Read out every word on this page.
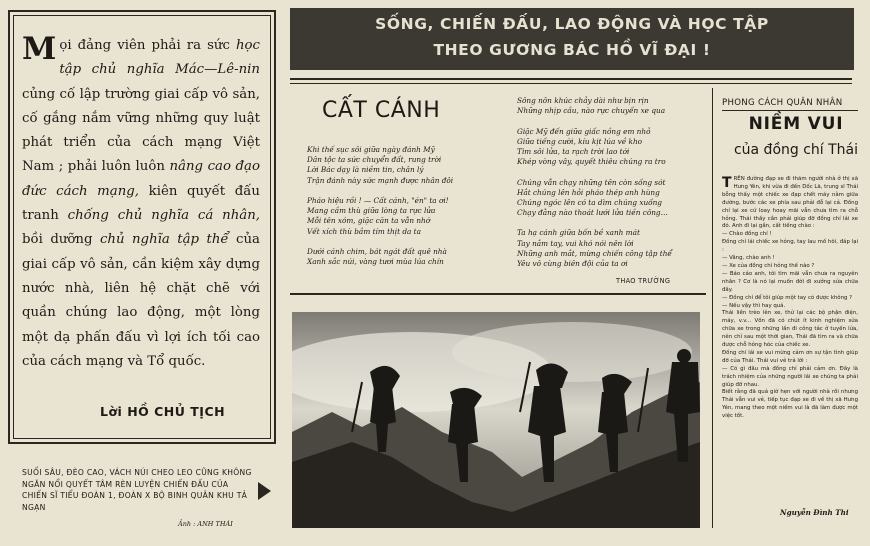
Mọi đảng viên phải ra sức học tập chủ nghĩa Mác—Lê-nin củng cố lập trường giai cấp vô sản, cố gắng nắm vững những quy luật phát triển của cách mạng Việt Nam ; phải luôn luôn nâng cao đạo đức cách mạng, kiên quyết đấu tranh chống chủ nghĩa cá nhân, bồi dưỡng chủ nghĩa tập thể của giai cấp vô sản, cần kiệm xây dựng nước nhà, liên hệ chặt chẽ với quần chúng lao động, một lòng một dạ phấn đấu vì lợi ích tối cao của cách mạng và Tổ quốc.
Lời HỒ CHỦ TỊCH
SUỐI SÂU, ĐÈO CAO, VÁCH NÚI CHEO LEO CŨNG KHÔNG NGĂN NỔI QUYẾT TÂM RÈN LUYỆN CHIẾN ĐẤU CỦA CHIẾN SĨ TIỂU ĐOÀN 1, ĐOÀN X BỘ BINH QUÂN KHU TẢ NGẠN
Ảnh : ANH THÁI
SỐNG, CHIẾN ĐẤU, LAO ĐỘNG VÀ HỌC TẬP
THEO GƯƠNG BÁC HỒ VĨ ĐẠI !
CẤT CÁNH
Khi thế sục sôi giữa ngày đánh Mỹ
Dân tộc ta sức chuyển đất, rung trời
Lời Bác dạy là niềm tin, chân lý
Trận đánh này sức mạnh được nhân đôi
Pháo hiệu rồi ! — Cất cánh, "én" ta ơi!
Mang cầm thù giữa lòng ta rực lửa
Mỗi tên xóm, giặc căn ta vẫn nhớ
Vết xích thù bầm tím thịt da ta
Dưới cánh chim, bát ngát đất quê nhà
Xanh sắc núi, vàng tươi mùa lúa chín
Sông nôn khúc chảy dài như bịn rịn
Những nhịp cầu, nào rực chuyến xe qua
Giặc Mỹ đến giữa giấc nồng em nhỏ
Giữa tiếng cười, kíu kịt lúa về kho
Tìm sôi lửa, ta rạch trời lao tới
Khép vòng vây, quyết thiêu chúng ra tro
Chúng vẫn chạy những tên còn sống sót
Hắt chúng lên hỏi pháo thép anh hùng
Chúng ngóc lên có ta dìm chúng xuống
Chạy đằng nào thoát lưới lửa tiền công…
Ta hạ cánh giữa bốn bề xanh mát
Tay nắm tay, vui khó nói nên lời
Những anh mắt, mừng chiến công tập thể
Yêu vô cùng biên đội của ta ơi
THAO TRƯỜNG
PHONG CÁCH QUÂN NHÂN
NIỀM VUI
của đồng chí Thái

TRÊN đường đạp xe đi thăm người nhà ở thị xã Hưng Yên, khi vừa đi đến Dốc Lã, trung sĩ Thái bỗng thấy một chiếc xe đạp chết máy nằm giữa đường, bước các xe phía sau phải đỗ lại cả. Đồng chí lại xe cứ loay hoay mãi vẫn chưa tìm ra chỗ hỏng. Thái thấy cần phải giúp đỡ đồng chí lái xe đó. Anh đi lại gần, cất tiếng chào :

— Chào đồng chí !

Đồng chí lái chiếc xe hỏng, tay lau mồ hôi, đáp lại :

— Vâng, chào anh !

— Xe của đồng chí hỏng thế nào ?

— Báo cáo anh, tôi tìm mãi vẫn chưa ra nguyên nhân ? Cơ là nó lại muốn đời đi xưởng sửa chữa đây.

— Đồng chí để tôi giúp một tay có được không ?

— Nếu vậy thì hay quá.

Thái liền trèo lên xe, thử lại các bộ phận điện, máy, v.v... Vốn đã có chút ít kinh nghiệm sửa chữa xe trong những lần đi công tác ở tuyến lửa, nên chỉ sau một thời gian, Thái đã tìm ra và chữa được chỗ hỏng hóc của chiếc xe.

Đồng chí lái xe vui mừng cảm ơn sự tận tình giúp đỡ của Thái. Thái vui vẻ trả lời :

— Có gì đâu mà đồng chí phải cảm ơn. Đây là trách nhiệm của những người lái xe chúng ta phải giúp đỡ nhau.

Biết rằng đã quá giờ hẹn với người nhà rồi nhưng Thái vẫn vui vẻ, tiếp tục đạp xe đi về thị xã Hưng Yên, mang theo một niềm vui là đã làm được một việc tốt.

Nguyễn Đình Thi
